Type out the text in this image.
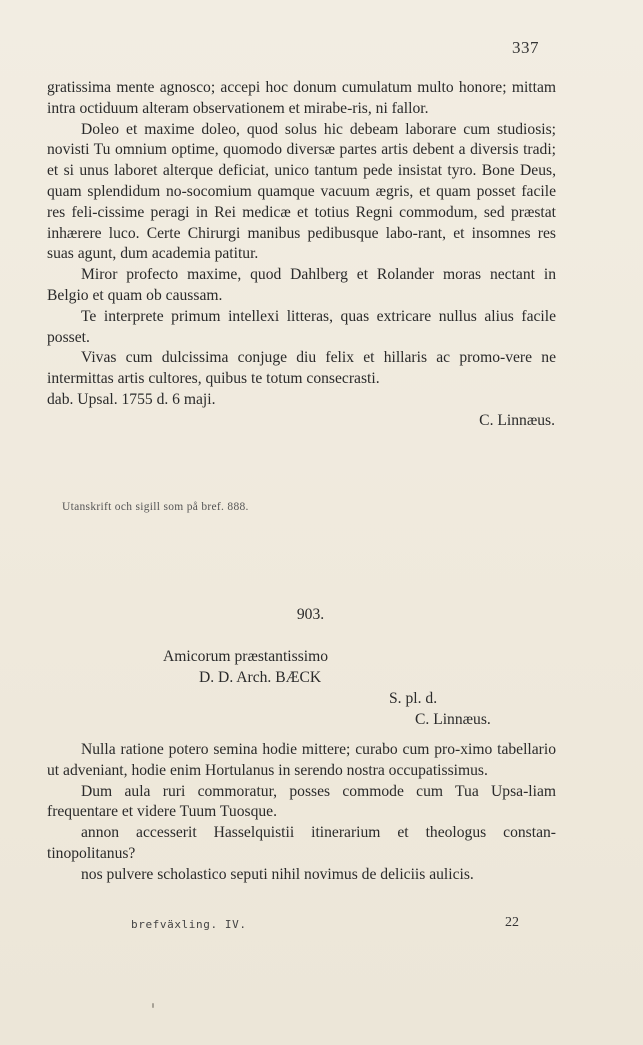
337

gratissima mente agnosco; accepi hoc donum cumulatum multo honore; mittam intra octiduum alteram observationem et mirabe-ris, ni fallor.

Doleo et maxime doleo, quod solus hic debeam laborare cum studiosis; novisti Tu omnium optime, quomodo diversæ partes artis debent a diversis tradi; et si unus laboret alterque deficiat, unico tantum pede insistat tyro. Bone Deus, quam splendidum no-socomium quamque vacuum ægris, et quam posset facile res feli-cissime peragi in Rei medicæ et totius Regni commodum, sed præstat inhærere luco. Certe Chirurgi manibus pedibusque labo-rant, et insomnes res suas agunt, dum academia patitur.

Miror profecto maxime, quod Dahlberg et Rolander moras nectant in Belgio et quam ob caussam.

Te interprete primum intellexi litteras, quas extricare nullus alius facile posset.

Vivas cum dulcissima conjuge diu felix et hillaris ac promo-vere ne intermittas artis cultores, quibus te totum consecrasti.

dab. Upsal. 1755 d. 6 maji.

C. Linnæus.

Utanskrift och sigill som på bref. 888.
903.
Amicorum præstantissimo
D. D. Arch. BÆCK
S. pl. d.
C. Linnæus.

Nulla ratione potero semina hodie mittere; curabo cum pro-ximo tabellario ut adveniant, hodie enim Hortulanus in serendo nostra occupatissimus.

Dum aula ruri commoratur, posses commode cum Tua Upsa-liam frequentare et videre Tuum Tuosque.

annon accesserit Hasselquistii itinerarium et theologus constan-tinopolitanus?

nos pulvere scholastico seputi nihil novimus de deliciis aulicis.

brefväxling. IV.	22
